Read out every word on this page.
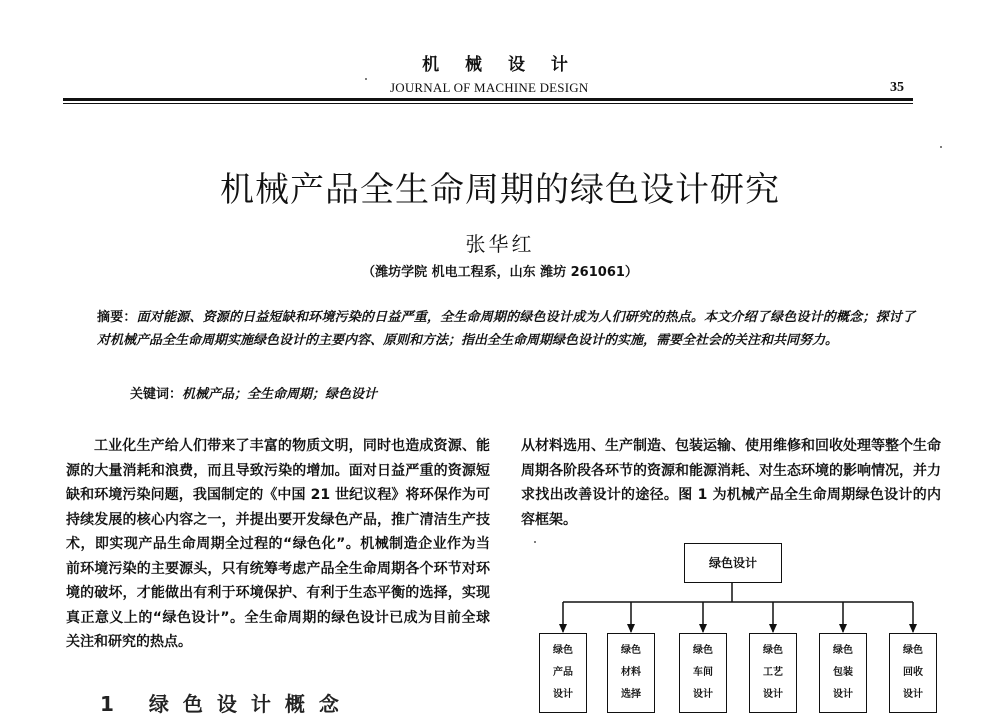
机 械 设 计
JOURNAL OF MACHINE DESIGN	35
机械产品全生命周期的绿色设计研究
张华红
（潍坊学院 机电工程系，山东 潍坊 261061）
摘要：面对能源、资源的日益短缺和环境污染的日益严重，全生命周期的绿色设计成为人们研究的热点。本文介绍了绿色设计的概念；探讨了对机械产品全生命周期实施绿色设计的主要内容、原则和方法；指出全生命周期绿色设计的实施，需要全社会的关注和共同努力。
关键词：机械产品；全生命周期；绿色设计
工业化生产给人们带来了丰富的物质文明，同时也造成资源、能源的大量消耗和浪费，而且导致污染的增加。面对日益严重的资源短缺和环境污染问题，我国制定的《中国 21 世纪议程》将环保作为可持续发展的核心内容之一，并提出要开发绿色产品，推广清洁生产技术，即实现产品生命周期全过程的“绿色化”。机械制造企业作为当前环境污染的主要源头，只有统筹考虑产品全生命周期各个环节对环境的破坏，才能做出有利于环境保护、有利于生态平衡的选择，实现真正意义上的“绿色设计”。全生命周期的绿色设计已成为目前全球关注和研究的热点。
从材料选用、生产制造、包装运输、使用维修和回收处理等整个生命周期各阶段各环节的资源和能源消耗、对生态环境的影响情况，并力求找出改善设计的途径。图 1 为机械产品全生命周期绿色设计的内容框架。
1 绿色设计概念
绿色设计
绿色
产品
设计
绿色
材料
选择
绿色
车间
设计
绿色
工艺
设计
绿色
包装
设计
绿色
回收
设计
